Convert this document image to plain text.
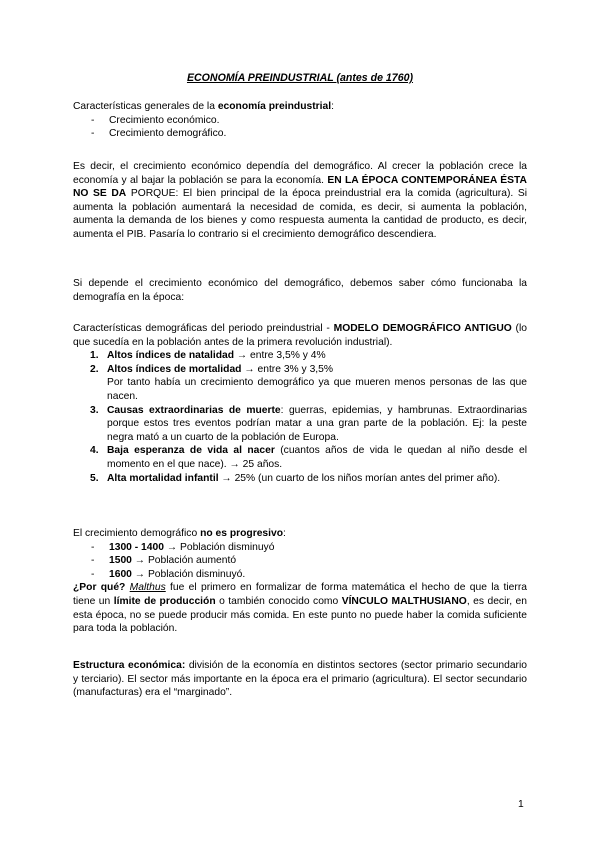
ECONOMÍA PREINDUSTRIAL (antes de 1760)

Características generales de la economía preindustrial:

- Crecimiento económico.
- Crecimiento demográfico.

Es decir, el crecimiento económico dependía del demográfico. Al crecer la población crece la economía y al bajar la población se para la economía. EN LA ÉPOCA CONTEMPORÁNEA ÉSTA NO SE DA PORQUE: El bien principal de la época preindustrial era la comida (agricultura). Si aumenta la población aumentará la necesidad de comida, es decir, si aumenta la población, aumenta la demanda de los bienes y como respuesta aumenta la cantidad de producto, es decir, aumenta el PIB. Pasaría lo contrario si el crecimiento demográfico descendiera.

Si depende el crecimiento económico del demográfico, debemos saber cómo funcionaba la demografía en la época:

Características demográficas del periodo preindustrial - MODELO DEMOGRÁFICO ANTIGUO (lo que sucedía en la población antes de la primera revolución industrial).

1. Altos índices de natalidad → entre 3,5% y 4%
2. Altos índices de mortalidad → entre 3% y 3,5%
Por tanto había un crecimiento demográfico ya que mueren menos personas de las que nacen.
3. Causas extraordinarias de muerte: guerras, epidemias, y hambrunas. Extraordinarias porque estos tres eventos podrían matar a una gran parte de la población. Ej: la peste negra mató a un cuarto de la población de Europa.
4. Baja esperanza de vida al nacer (cuantos años de vida le quedan al niño desde el momento en el que nace). → 25 años.
5. Alta mortalidad infantil → 25% (un cuarto de los niños morían antes del primer año).

El crecimiento demográfico no es progresivo:

- 1300 - 1400 → Población disminuyó
- 1500 → Población aumentó
- 1600 → Población disminuyó.

¿Por qué? Malthus fue el primero en formalizar de forma matemática el hecho de que la tierra tiene un límite de producción o también conocido como VÍNCULO MALTHUSIANO, es decir, en esta época, no se puede producir más comida. En este punto no puede haber la comida suficiente para toda la población.

Estructura económica: división de la economía en distintos sectores (sector primario secundario y terciario). El sector más importante en la época era el primario (agricultura). El sector secundario (manufacturas) era el “marginado”.

1
